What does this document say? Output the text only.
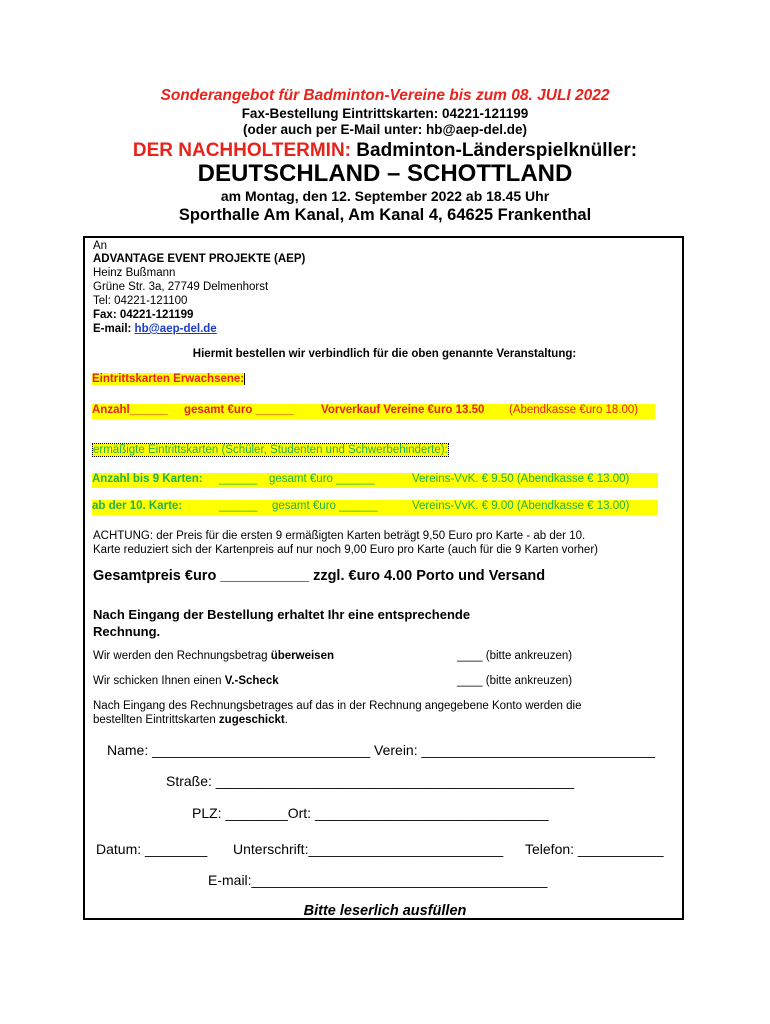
Sonderangebot für Badminton-Vereine bis zum 08. JULI 2022
Fax-Bestellung Eintrittskarten: 04221-121199
(oder auch per E-Mail unter: hb@aep-del.de)
DER NACHHOLTERMIN: Badminton-Länderspielknüller:
DEUTSCHLAND – SCHOTTLAND
am Montag, den 12. September 2022 ab 18.45 Uhr
Sporthalle Am Kanal, Am Kanal 4, 64625 Frankenthal
An
ADVANTAGE EVENT PROJEKTE (AEP)
Heinz Bußmann
Grüne Str. 3a, 27749 Delmenhorst
Tel: 04221-121100
Fax: 04221-121199
E-mail: hb@aep-del.de
Hiermit bestellen wir verbindlich für die oben genannte Veranstaltung:
Eintrittskarten Erwachsene:
Anzahl______ gesamt €uro ______ Vorverkauf Vereine €uro 13.50 (Abendkasse €uro 18.00)
ermäßigte Eintrittskarten (Schüler, Studenten und Schwerbehinderte):
Anzahl bis 9 Karten: ______ gesamt €uro ______	Vereins-VvK. € 9.50 (Abendkasse € 13.00)
ab der 10. Karte:	______ gesamt €uro ______	Vereins-VvK. € 9.00 (Abendkasse € 13.00)
ACHTUNG: der Preis für die ersten 9 ermäßigten Karten beträgt 9,50 Euro pro Karte - ab der 10.
Karte reduziert sich der Kartenpreis auf nur noch 9,00 Euro pro Karte (auch für die 9 Karten vorher)
Gesamtpreis €uro ___________ zzgl. €uro 4.00 Porto und Versand
Nach Eingang der Bestellung erhaltet Ihr eine entsprechende
Rechnung.
Wir werden den Rechnungsbetrag überweisen	____ (bitte ankreuzen)
Wir schicken Ihnen einen V.-Scheck	____ (bitte ankreuzen)
Nach Eingang des Rechnungsbetrages auf das in der Rechnung angegebene Konto werden die
bestellten Eintrittskarten zugeschickt.
Name: ____________________________ Verein: ______________________________
Straße: ______________________________________________
PLZ: ________Ort: ______________________________
Datum: ________ Unterschrift:_________________________ Telefon: ___________
E-mail:______________________________________
Bitte leserlich ausfüllen
